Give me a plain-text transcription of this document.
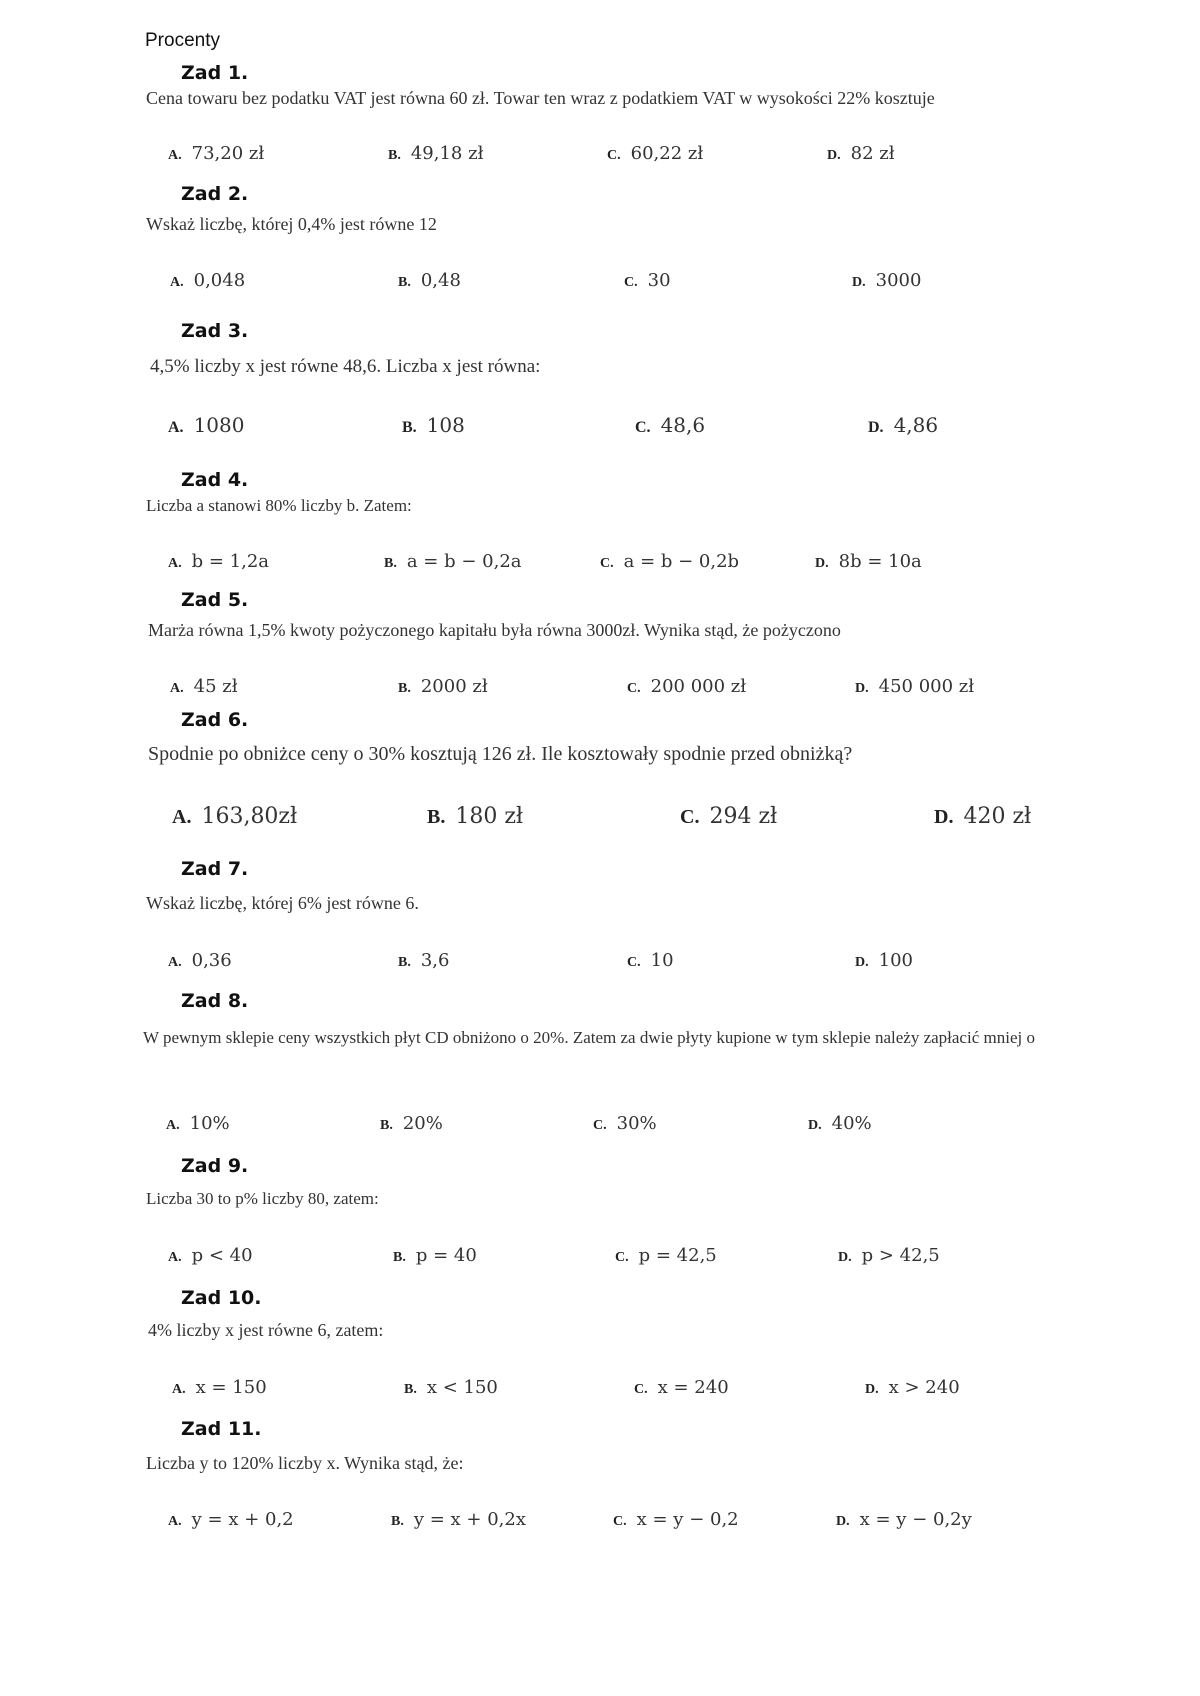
Procenty
Zad 1.
Cena towaru bez podatku VAT jest równa 60 zł. Towar ten wraz z podatkiem VAT w wysokości 22% kosztuje
A. 73,20 zł	B. 49,18 zł	C. 60,22 zł	D. 82 zł
Zad 2.
Wskaż liczbę, której 0,4% jest równe 12
A. 0,048	B. 0,48	C. 30	D. 3000
Zad 3.
4,5% liczby x jest równe 48,6. Liczba x jest równa:
A. 1080	B. 108	C. 48,6	D. 4,86
Zad 4.
Liczba a stanowi 80% liczby b. Zatem:
A. b = 1,2a	B. a = b − 0,2a	C. a = b − 0,2b	D. 8b = 10a
Zad 5.
Marża równa 1,5% kwoty pożyczonego kapitału była równa 3000zł. Wynika stąd, że pożyczono
A. 45 zł	B. 2000 zł	C. 200 000 zł	D. 450 000 zł
Zad 6.
Spodnie po obniżce ceny o 30% kosztują 126 zł. Ile kosztowały spodnie przed obniżką?
A. 163,80zł	B. 180 zł	C. 294 zł	D. 420 zł
Zad 7.
Wskaż liczbę, której 6% jest równe 6.
A. 0,36	B. 3,6	C. 10	D. 100
Zad 8.
W pewnym sklepie ceny wszystkich płyt CD obniżono o 20%. Zatem za dwie płyty kupione w tym sklepie należy zapłacić mniej o
A. 10%	B. 20%	C. 30%	D. 40%
Zad 9.
Liczba 30 to p% liczby 80, zatem:
A. p < 40	B. p = 40	C. p = 42,5	D. p > 42,5
Zad 10.
4% liczby x jest równe 6, zatem:
A. x = 150	B. x < 150	C. x = 240	D. x > 240
Zad 11.
Liczba y to 120% liczby x. Wynika stąd, że:
A. y = x + 0,2	B. y = x + 0,2x	C. x = y − 0,2	D. x = y − 0,2y
